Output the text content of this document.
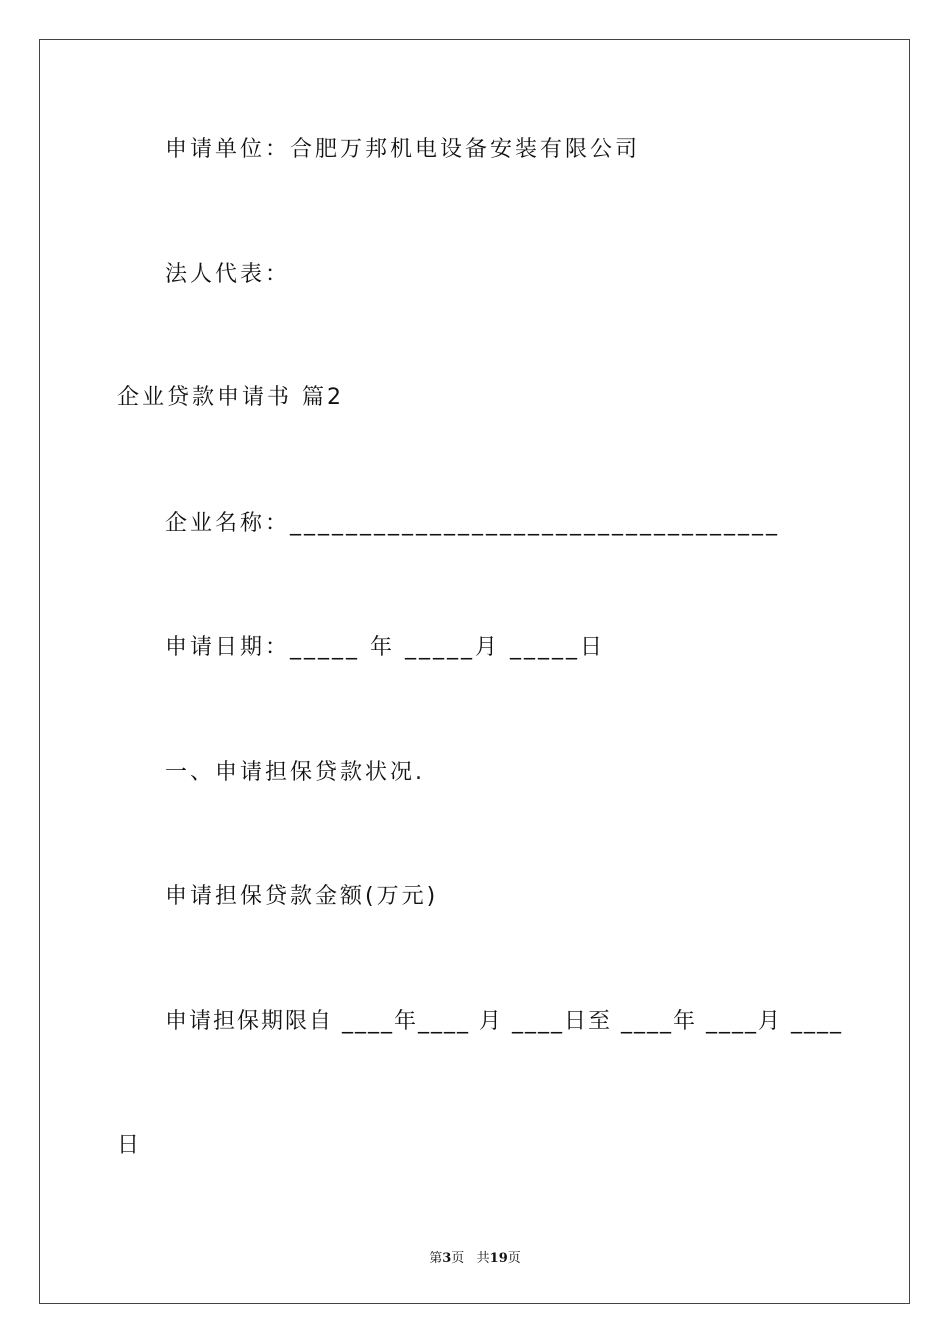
申请单位：合肥万邦机电设备安装有限公司
法人代表：
企业贷款申请书 篇2
企业名称：___________________________________
申请日期：_____ 年 _____月 _____日
一、申请担保贷款状况.
申请担保贷款金额(万元)
申请担保期限自 ____年____ 月 ____日至 ____年 ____月 ____
日
第3页   共19页
